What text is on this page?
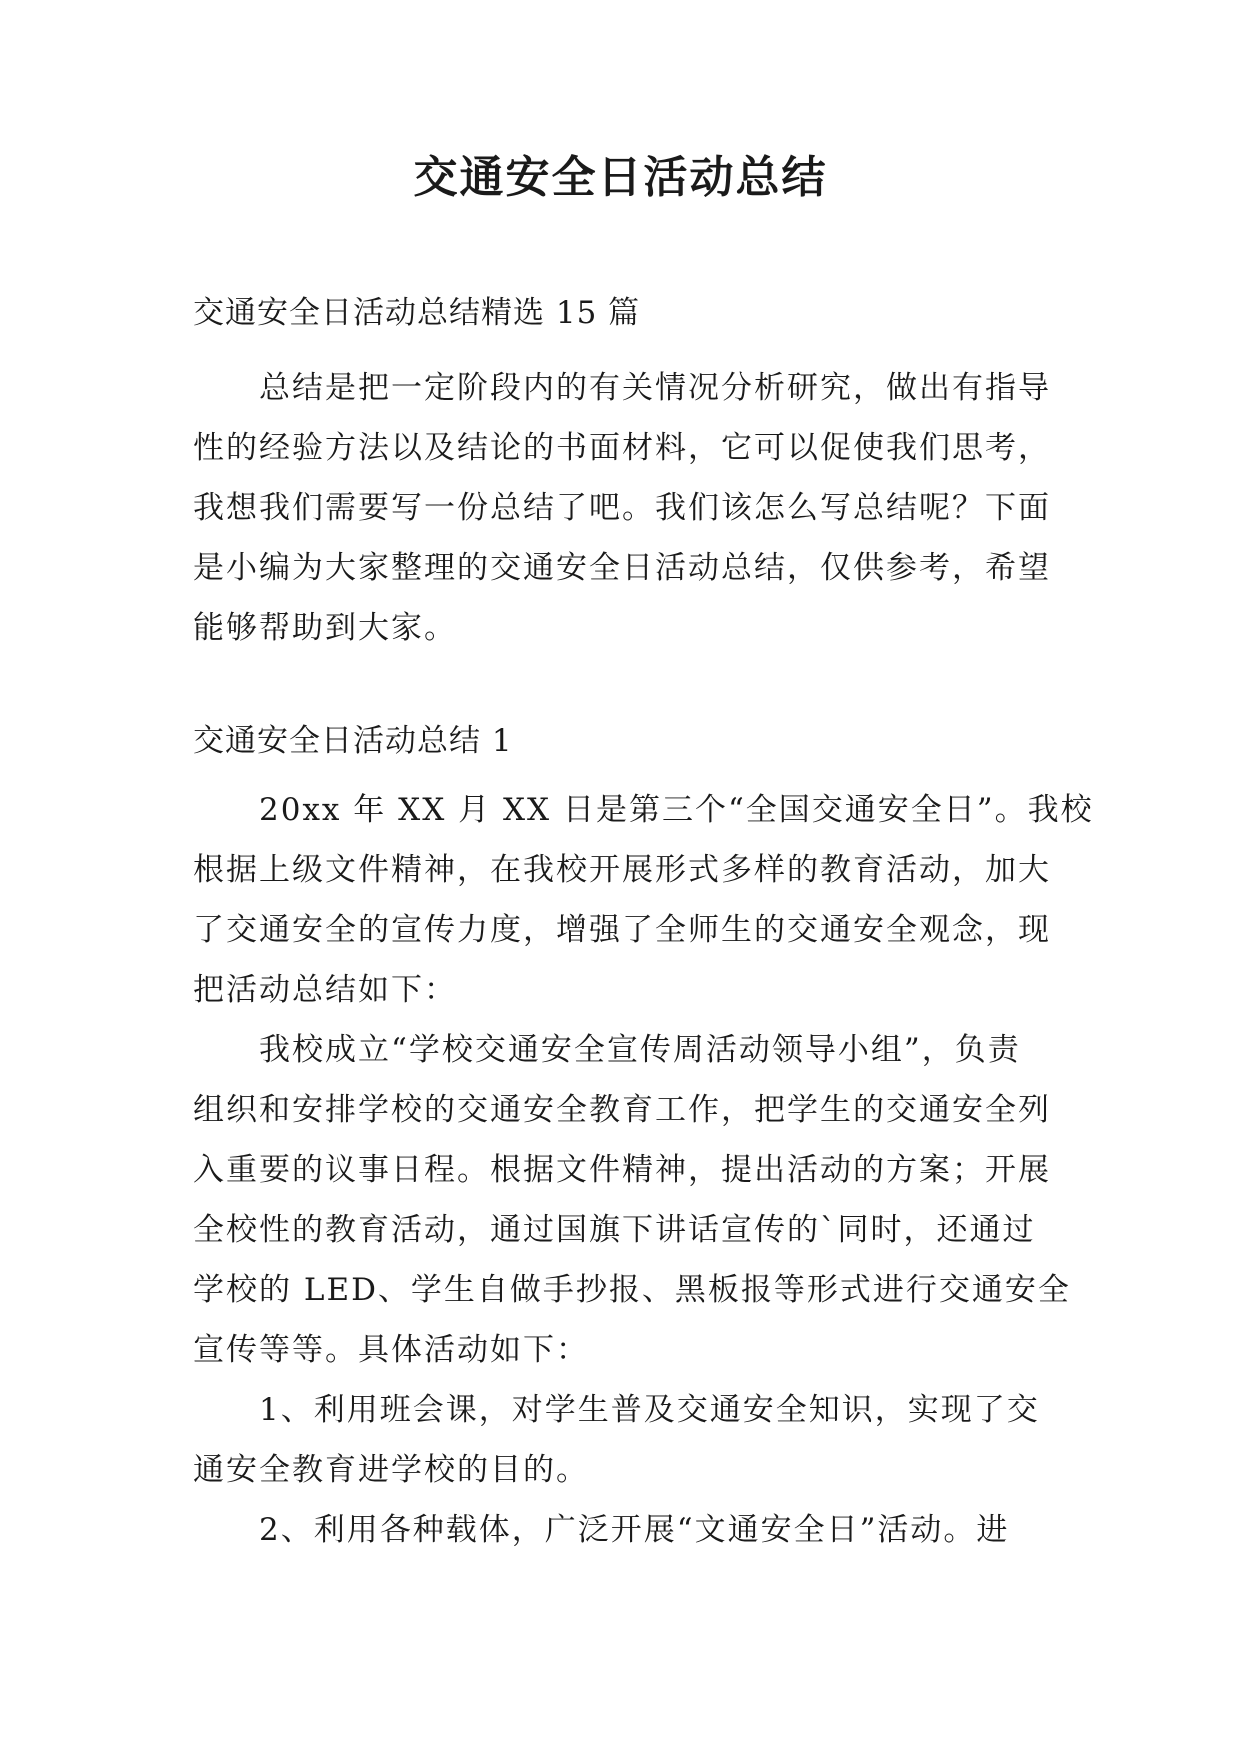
交通安全日活动总结
交通安全日活动总结精选 15 篇
总结是把一定阶段内的有关情况分析研究，做出有指导
性的经验方法以及结论的书面材料，它可以促使我们思考，
我想我们需要写一份总结了吧。我们该怎么写总结呢？下面
是小编为大家整理的交通安全日活动总结，仅供参考，希望
能够帮助到大家。
交通安全日活动总结 1
20xx 年 XX 月 XX 日是第三个“全国交通安全日”。我校
根据上级文件精神，在我校开展形式多样的教育活动，加大
了交通安全的宣传力度，增强了全师生的交通安全观念，现
把活动总结如下：
我校成立“学校交通安全宣传周活动领导小组”，负责
组织和安排学校的交通安全教育工作，把学生的交通安全列
入重要的议事日程。根据文件精神，提出活动的方案；开展
全校性的教育活动，通过国旗下讲话宣传的`同时，还通过
学校的 LED、学生自做手抄报、黑板报等形式进行交通安全
宣传等等。具体活动如下：
1、利用班会课，对学生普及交通安全知识，实现了交
通安全教育进学校的目的。
2、利用各种载体，广泛开展“文通安全日”活动。进
